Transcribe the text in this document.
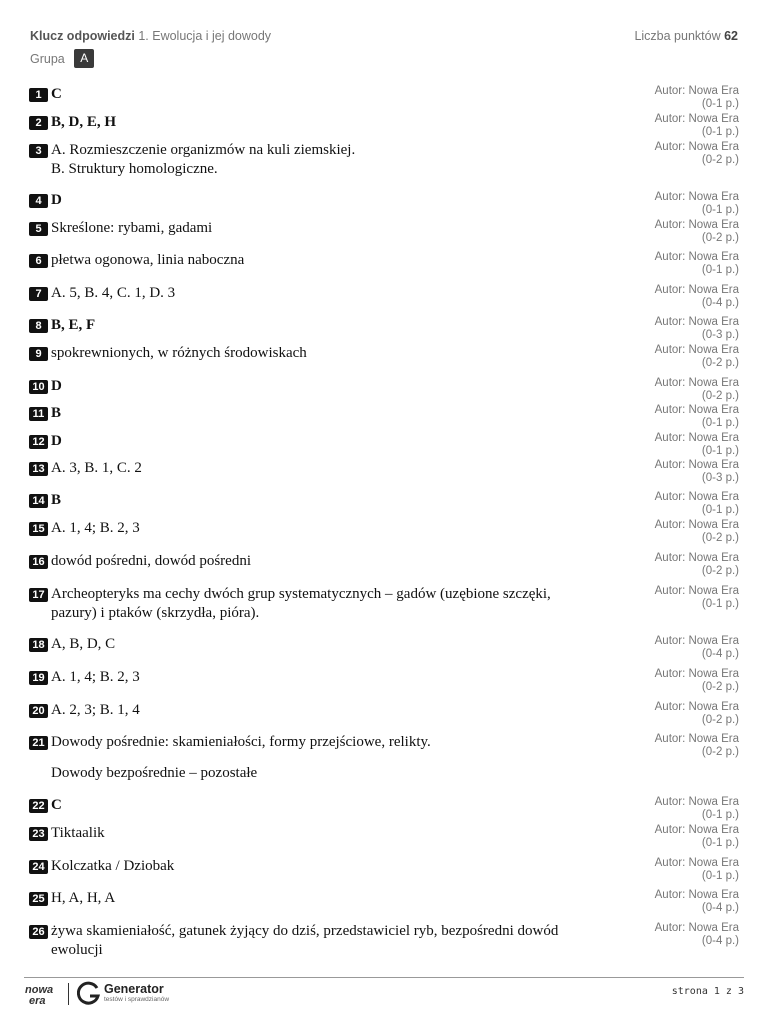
Klucz odpowiedzi 1. Ewolucja i jej dowody	Liczba punktów 62
Grupa A
1 C	Autor: Nowa Era
(0-1 p.)
2 B, D, E, H	Autor: Nowa Era
(0-1 p.)
3 A. Rozmieszczenie organizmów na kuli ziemskiej.
B. Struktury homologiczne.
Autor: Nowa Era
(0-2 p.)
4 D	Autor: Nowa Era
(0-1 p.)
5 Skreślone: rybami, gadami	Autor: Nowa Era
(0-2 p.)
6 płetwa ogonowa, linia naboczna	Autor: Nowa Era
(0-1 p.)
7 A. 5, B. 4, C. 1, D. 3	Autor: Nowa Era
(0-4 p.)
8 B, E, F	Autor: Nowa Era
(0-3 p.)
9 spokrewnionych, w różnych środowiskach	Autor: Nowa Era
(0-2 p.)
10 D	Autor: Nowa Era
(0-2 p.)
11 B	Autor: Nowa Era
(0-1 p.)
12 D	Autor: Nowa Era
(0-1 p.)
13 A. 3, B. 1, C. 2	Autor: Nowa Era
(0-3 p.)
14 B	Autor: Nowa Era
(0-1 p.)
15 A. 1, 4; B. 2, 3	Autor: Nowa Era
(0-2 p.)
16 dowód pośredni, dowód pośredni	Autor: Nowa Era
(0-2 p.)
17 Archeopteryks ma cechy dwóch grup systematycznych – gadów (uzębione szczęki,
pazury) i ptaków (skrzydła, pióra).
Autor: Nowa Era
(0-1 p.)
18 A, B, D, C	Autor: Nowa Era
(0-4 p.)
19 A. 1, 4; B. 2, 3	Autor: Nowa Era
(0-2 p.)
20 A. 2, 3; B. 1, 4	Autor: Nowa Era
(0-2 p.)
21 Dowody pośrednie: skamieniałości, formy przejściowe, relikty.
Dowody bezpośrednie – pozostałe
Autor: Nowa Era
(0-2 p.)
22 C	Autor: Nowa Era
(0-1 p.)
23 Tiktaalik	Autor: Nowa Era
(0-1 p.)
24 Kolczatka / Dziobak	Autor: Nowa Era
(0-1 p.)
25 H, A, H, A	Autor: Nowa Era
(0-4 p.)
26 żywa skamieniałość, gatunek żyjący do dziś, przedstawiciel ryb, bezpośredni dowód
ewolucji
Autor: Nowa Era
(0-4 p.)
nowa
era
Generator
testów i sprawdzianów
strona 1 z 3
